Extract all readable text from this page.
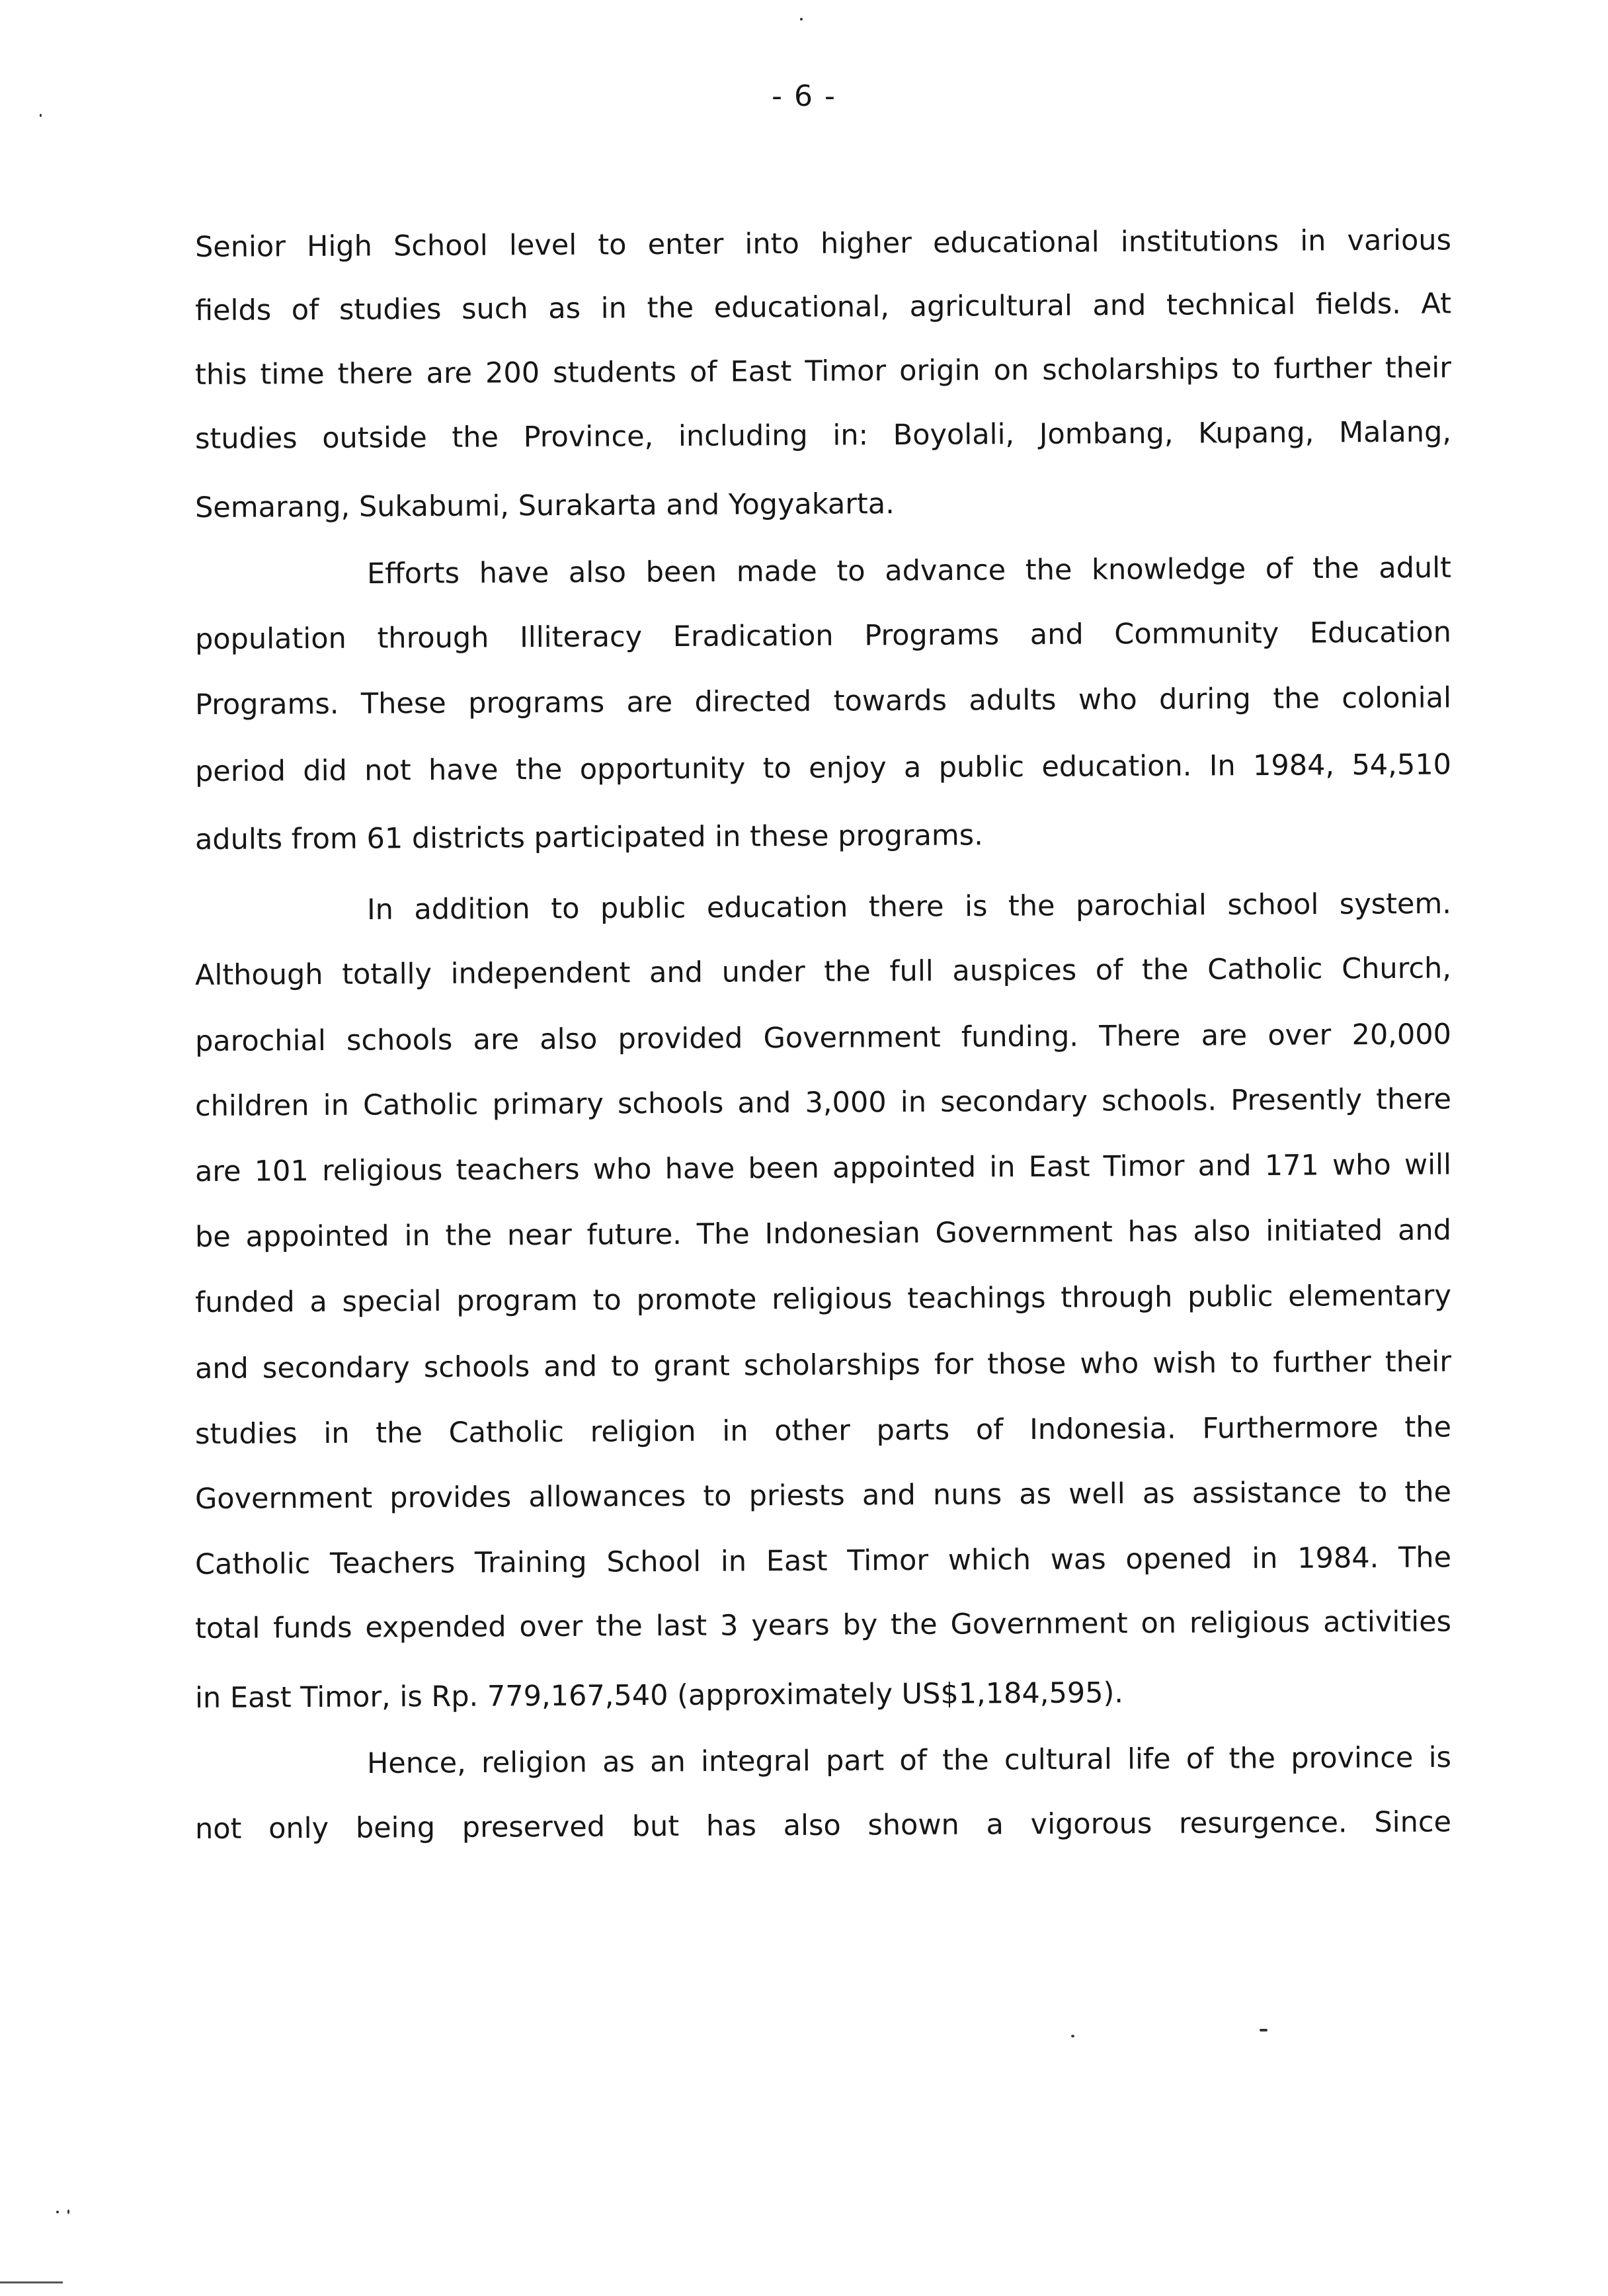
- 6 -
Senior High School level to enter into higher educational institutions in various
fields of studies such as in the educational, agricultural and technical fields. At
this time there are 200 students of East Timor origin on scholarships to further their
studies outside the Province, including in: Boyolali, Jombang, Kupang, Malang,
Semarang, Sukabumi, Surakarta and Yogyakarta.
Efforts have also been made to advance the knowledge of the adult
population through Illiteracy Eradication Programs and Community Education
Programs. These programs are directed towards adults who during the colonial
period did not have the opportunity to enjoy a public education. In 1984, 54,510
adults from 61 districts participated in these programs.
In addition to public education there is the parochial school system.
Although totally independent and under the full auspices of the Catholic Church,
parochial schools are also provided Government funding. There are over 20,000
children in Catholic primary schools and 3,000 in secondary schools. Presently there
are 101 religious teachers who have been appointed in East Timor and 171 who will
be appointed in the near future. The Indonesian Government has also initiated and
funded a special program to promote religious teachings through public elementary
and secondary schools and to grant scholarships for those who wish to further their
studies in the Catholic religion in other parts of Indonesia. Furthermore the
Government provides allowances to priests and nuns as well as assistance to the
Catholic Teachers Training School in East Timor which was opened in 1984. The
total funds expended over the last 3 years by the Government on religious activities
in East Timor, is Rp. 779,167,540 (approximately US$1,184,595).
Hence, religion as an integral part of the cultural life of the province is
not only being preserved but has also shown a vigorous resurgence. Since
